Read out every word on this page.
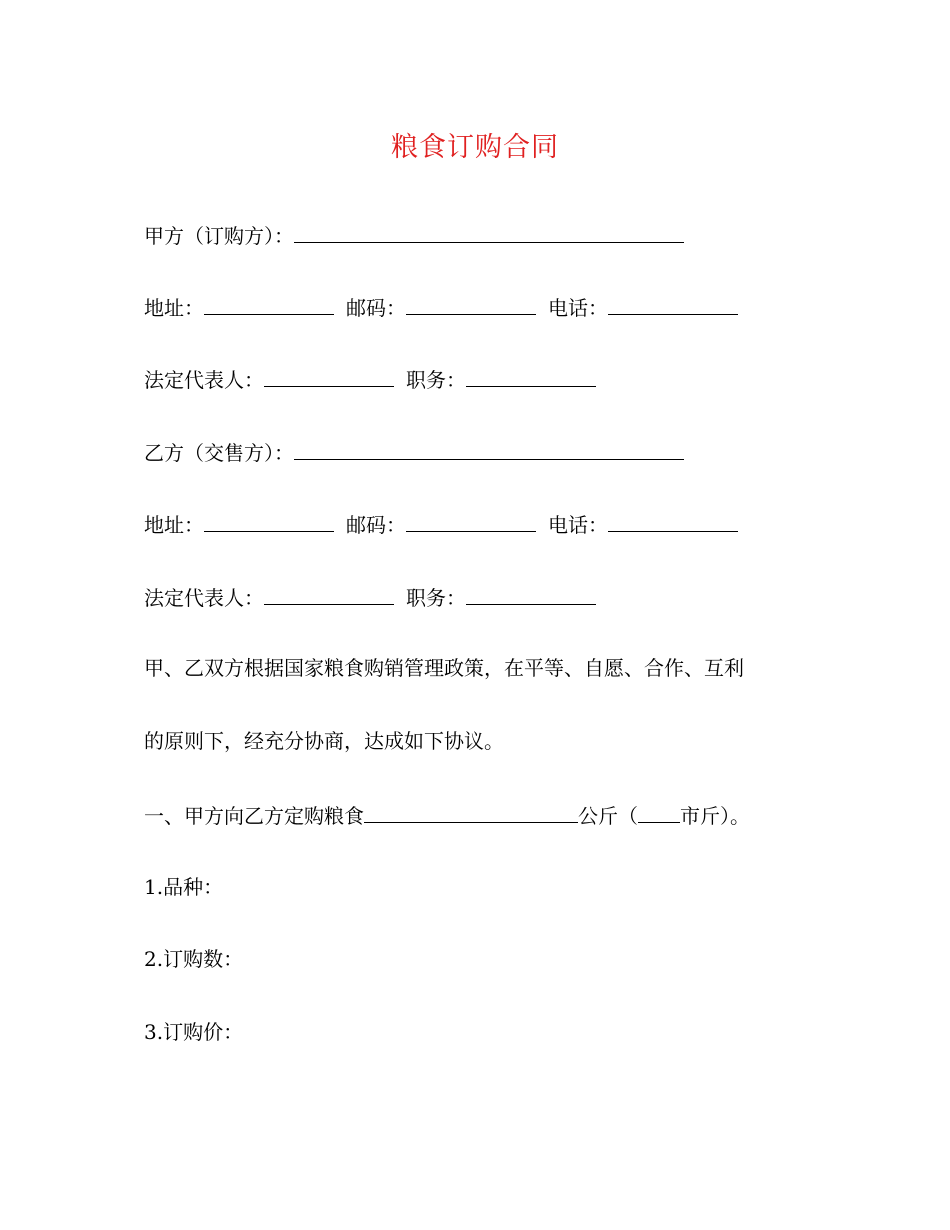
粮食订购合同
甲方（订购方）：
地址：	邮码：	电话：
法定代表人：	职务：
乙方（交售方）：
地址：	邮码：	电话：
法定代表人：	职务：
甲、乙双方根据国家粮食购销管理政策，在平等、自愿、合作、互利
的原则下，经充分协商，达成如下协议。
一、甲方向乙方定购粮食	公斤（ 市斤）。
1.品种：
2.订购数：
3.订购价：
